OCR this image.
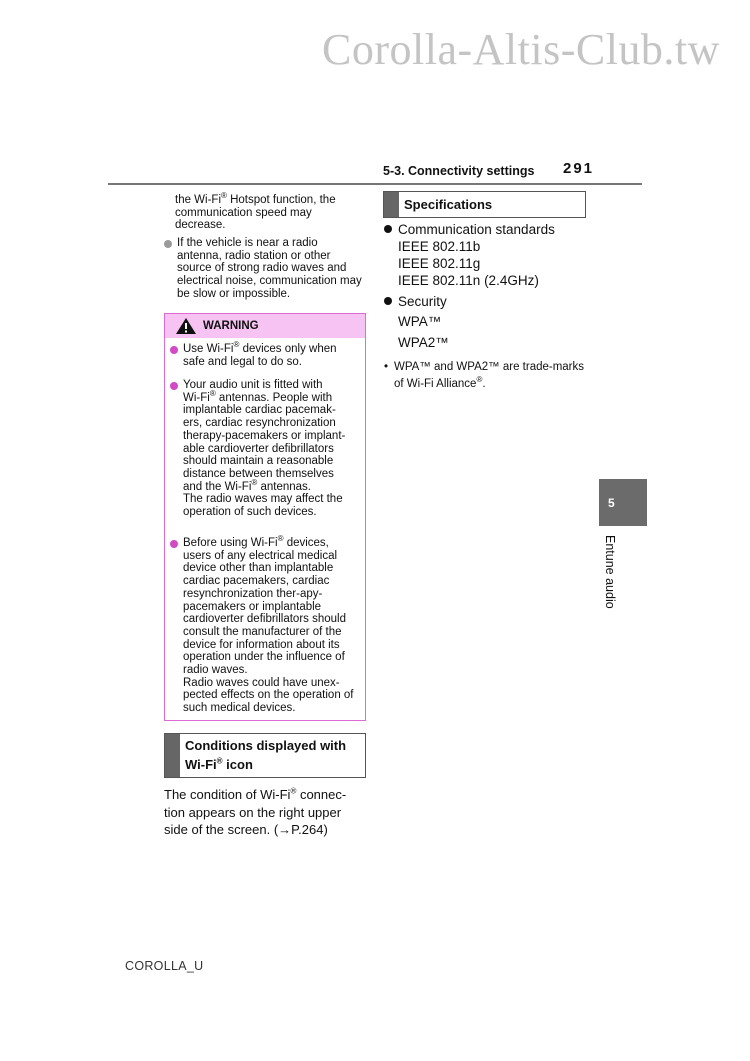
Corolla-Altis-Club.tw
5-3. Connectivity settings 291
the Wi-Fi® Hotspot function, the communication speed may decrease.
If the vehicle is near a radio antenna, radio station or other source of strong radio waves and electrical noise, communication may be slow or impossible.
WARNING
Use Wi-Fi® devices only when safe and legal to do so.
Your audio unit is fitted with
Wi-Fi® antennas. People with implantable cardiac pacemak-ers, cardiac resynchronization therapy-pacemakers or implant-able cardioverter defibrillators should maintain a reasonable distance between themselves
and the Wi-Fi® antennas.
The radio waves may affect the operation of such devices.
Before using Wi-Fi® devices, users of any electrical medical device other than implantable cardiac pacemakers, cardiac resynchronization ther-apy-pacemakers or implantable cardioverter defibrillators should consult the manufacturer of the device for information about its operation under the influence of radio waves.
Radio waves could have unex-pected effects on the operation of such medical devices.
Conditions displayed with
Wi-Fi® icon
The condition of Wi-Fi® connec-tion appears on the right upper side of the screen. (→P.264)
Specifications
Communication standards
IEEE 802.11b
IEEE 802.11g
IEEE 802.11n (2.4GHz)
Security
WPA™
WPA2™
• WPA™ and WPA2™ are trade-marks of Wi-Fi Alliance®.
5
Entune audio
COROLLA_U
